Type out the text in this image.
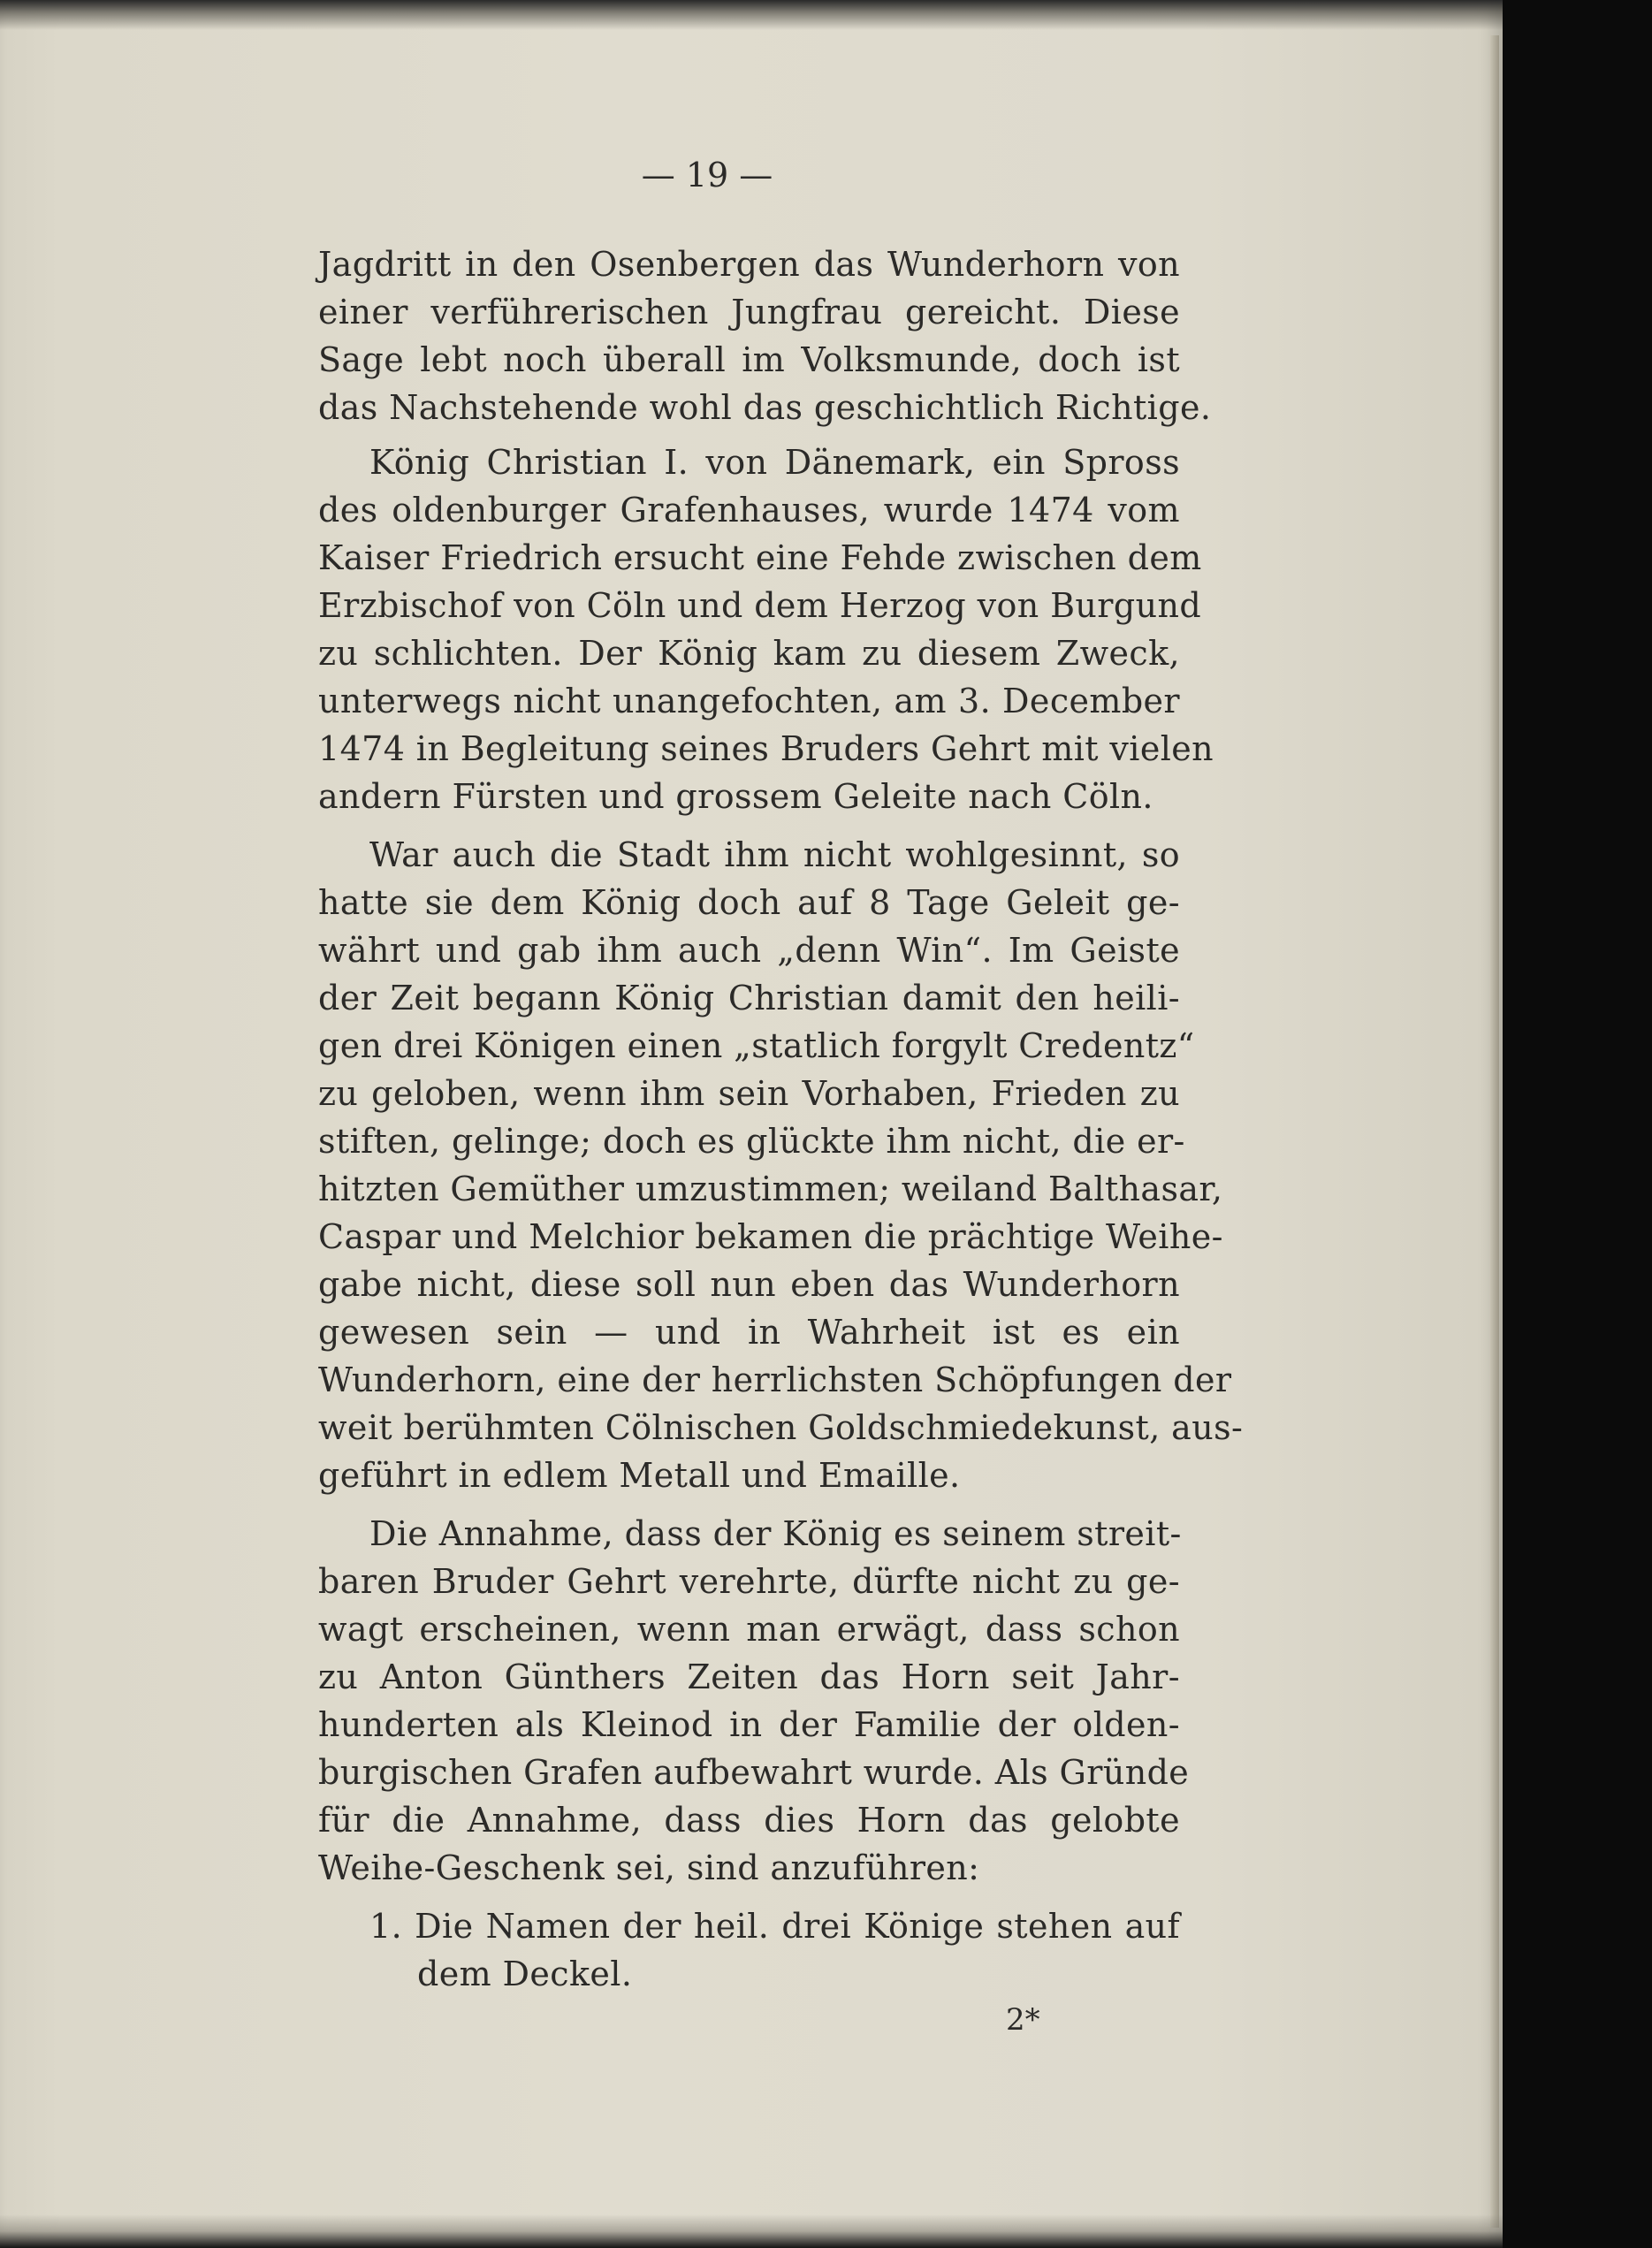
— 19 —
Jagdritt in den Osenbergen das Wunderhorn von
einer verführerischen Jungfrau gereicht. Diese
Sage lebt noch überall im Volksmunde, doch ist
das Nachstehende wohl das geschichtlich Richtige.
König Christian I. von Dänemark, ein Spross
des oldenburger Grafenhauses, wurde 1474 vom
Kaiser Friedrich ersucht eine Fehde zwischen dem
Erzbischof von Cöln und dem Herzog von Burgund
zu schlichten. Der König kam zu diesem Zweck,
unterwegs nicht unangefochten, am 3. December
1474 in Begleitung seines Bruders Gehrt mit vielen
andern Fürsten und grossem Geleite nach Cöln.
War auch die Stadt ihm nicht wohlgesinnt, so
hatte sie dem König doch auf 8 Tage Geleit ge-
währt und gab ihm auch „denn Win“. Im Geiste
der Zeit begann König Christian damit den heili-
gen drei Königen einen „statlich forgylt Credentz“
zu geloben, wenn ihm sein Vorhaben, Frieden zu
stiften, gelinge; doch es glückte ihm nicht, die er-
hitzten Gemüther umzustimmen; weiland Balthasar,
Caspar und Melchior bekamen die prächtige Weihe-
gabe nicht, diese soll nun eben das Wunderhorn
gewesen sein — und in Wahrheit ist es ein
Wunderhorn, eine der herrlichsten Schöpfungen der
weit berühmten Cölnischen Goldschmiedekunst, aus-
geführt in edlem Metall und Emaille.
Die Annahme, dass der König es seinem streit-
baren Bruder Gehrt verehrte, dürfte nicht zu ge-
wagt erscheinen, wenn man erwägt, dass schon
zu Anton Günthers Zeiten das Horn seit Jahr-
hunderten als Kleinod in der Familie der olden-
burgischen Grafen aufbewahrt wurde. Als Gründe
für die Annahme, dass dies Horn das gelobte
Weihe-Geschenk sei, sind anzuführen:
1. Die Namen der heil. drei Könige stehen auf
dem Deckel.
2*
